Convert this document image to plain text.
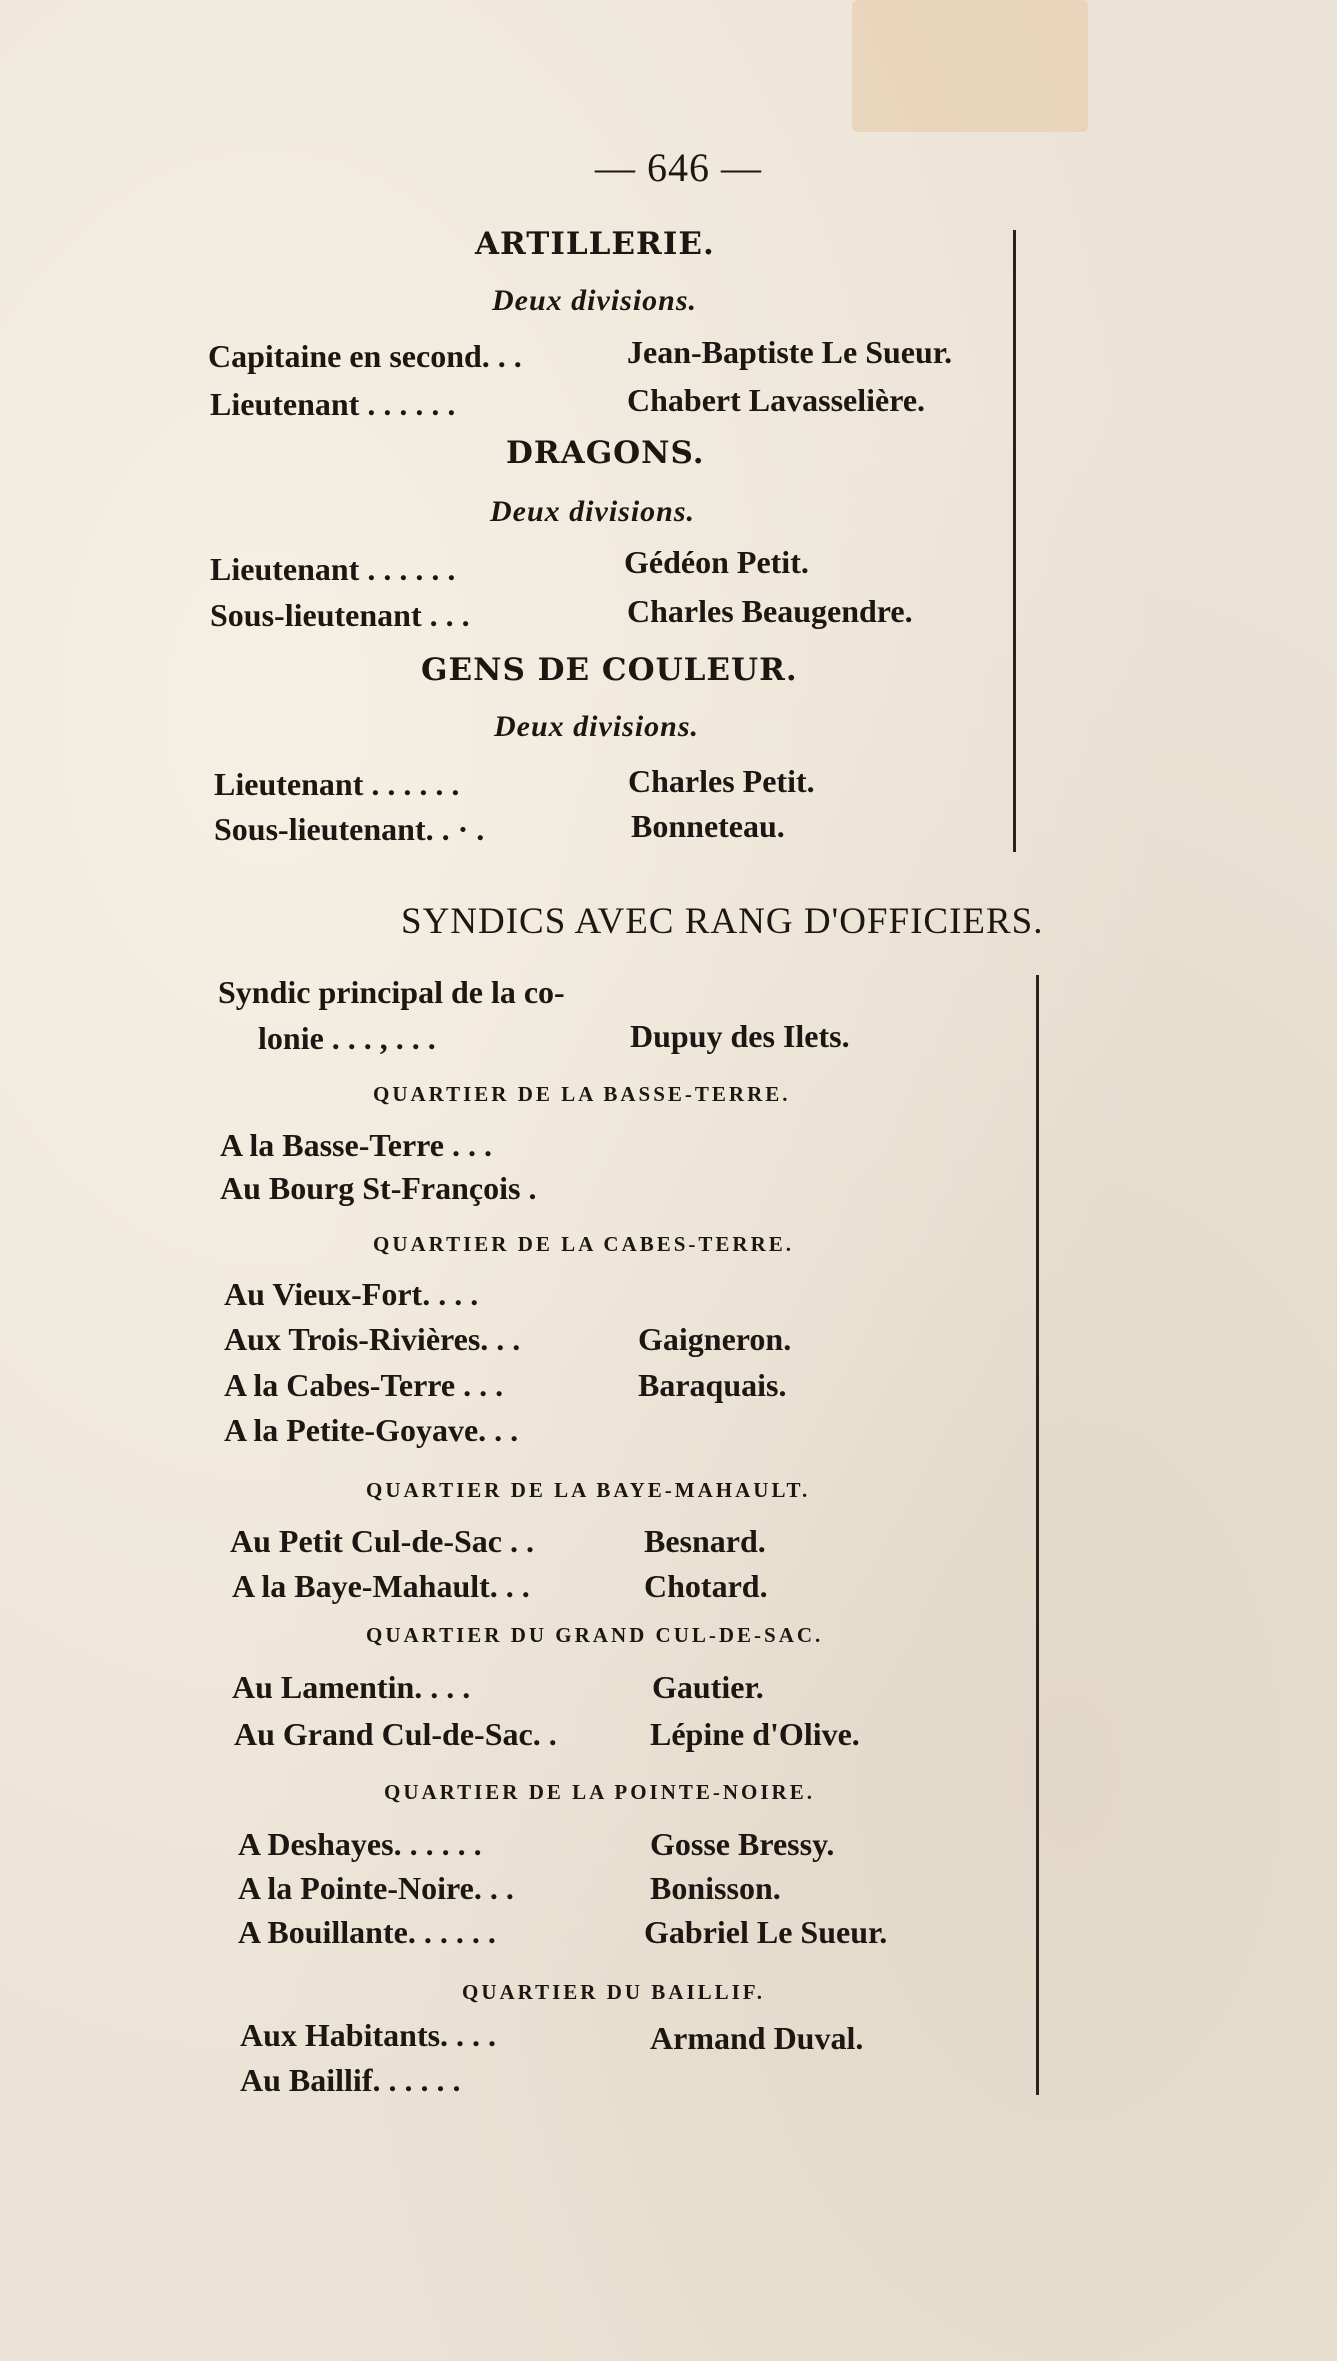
— 646 —
ARTILLERIE.
Deux divisions.
Capitaine en second. . .	Jean-Baptiste Le Sueur.
Lieutenant . . . . . .	Chabert Lavasselière.
DRAGONS.
Deux divisions.
Lieutenant . . . . . .	Gédéon Petit.
Sous-lieutenant . . .	Charles Beaugendre.
GENS DE COULEUR.
Deux divisions.
Lieutenant . . . . . .	Charles Petit.
Sous-lieutenant. . · .	Bonneteau.
SYNDICS AVEC RANG D'OFFICIERS.
Syndic principal de la co-
lonie . . . , . . .	Dupuy des Ilets.
QUARTIER DE LA BASSE-TERRE.
A la Basse-Terre . . .
Au Bourg St-François .
QUARTIER DE LA CABES-TERRE.
Au Vieux-Fort. . . .
Aux Trois-Rivières. . .	Gaigneron.
A la Cabes-Terre . . .	Baraquais.
A la Petite-Goyave. . .
QUARTIER DE LA BAYE-MAHAULT.
Au Petit Cul-de-Sac . .	Besnard.
A la Baye-Mahault. . .	Chotard.
QUARTIER DU GRAND CUL-DE-SAC.
Au Lamentin. . . .	Gautier.
Au Grand Cul-de-Sac. .	Lépine d'Olive.
QUARTIER DE LA POINTE-NOIRE.
A Deshayes. . . . . .	Gosse Bressy.
A la Pointe-Noire. . .	Bonisson.
A Bouillante. . . . . .	Gabriel Le Sueur.
QUARTIER DU BAILLIF.
Aux Habitants. . . .	Armand Duval.
Au Baillif. . . . . .
